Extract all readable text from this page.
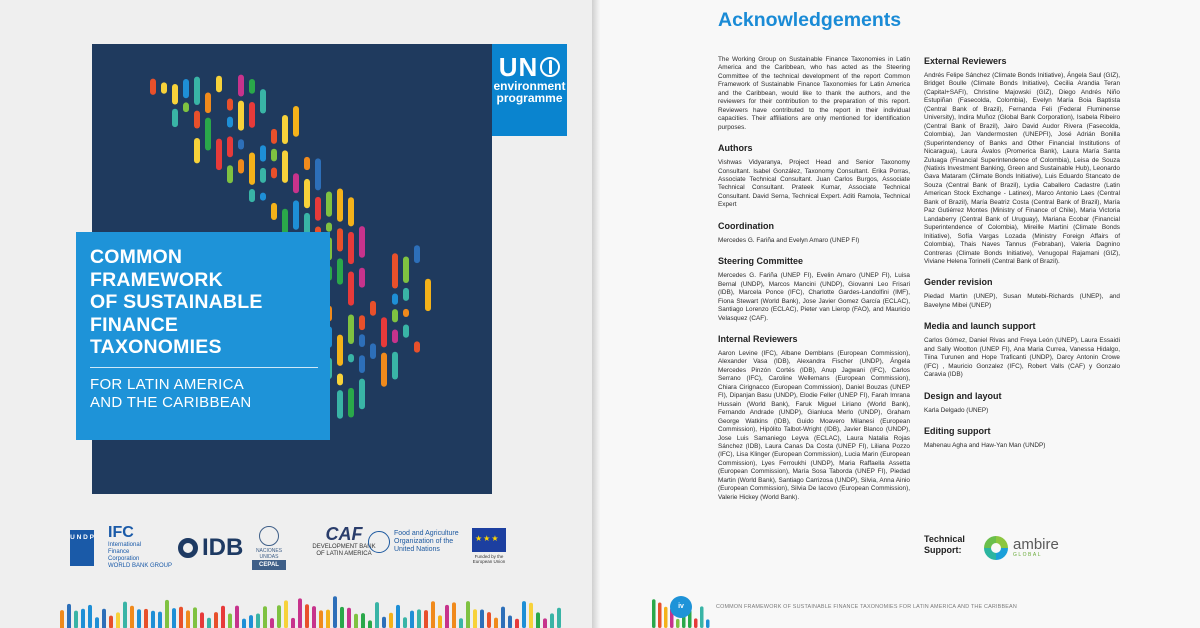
UN
environment
programme
COMMON
FRAMEWORK
OF SUSTAINABLE
FINANCE
TAXONOMIES
FOR LATIN AMERICA
AND THE CARIBBEAN
U N D P IFC
International
Finance
Corporation
WORLD BANK GROUP
IDB	NACIONES UNIDAS
CEPAL
CAF
DEVELOPMENT BANK
OF LATIN AMERICA
Food and Agriculture
Organization of the
United Nations
★★★
Funded by the European Union
Acknowledgements
The Working Group on Sustainable Finance Taxonomies in Latin America and the Caribbean, who has acted as the Steering Committee of the technical development of the report Common Framework of Sustainable Finance Taxonomies for Latin America and the Caribbean, would like to thank the authors, and the reviewers for their contribution to the preparation of this report. Reviewers have contributed to the report in their individual capacities. Their affiliations are only mentioned for identification purposes.
Authors
Vishwas Vidyaranya, Project Head and Senior Taxonomy Consultant. Isabel González, Taxonomy Consultant. Erika Porras, Associate Technical Consultant. Juan Carlos Burgos, Associate Technical Consultant. Prateek Kumar, Associate Technical Consultant. David Serna, Technical Expert. Aditi Ramola, Technical Expert
Coordination
Mercedes G. Fariña and Evelyn Amaro (UNEP FI)
Steering Committee
Mercedes G. Fariña (UNEP FI), Evelin Amaro (UNEP FI), Luisa Bernal (UNDP), Marcos Mancini (UNDP), Giovanni Leo Frisari (IDB), Marcela Ponce (IFC), Charlotte Gardes-Landolfini (IMF), Fiona Stewart (World Bank), Jose Javier Gomez García (ECLAC), Santiago Lorenzo (ECLAC), Pieter van Lierop (FAO), and Mauricio Velasquez (CAF).
Internal Reviewers
Aaron Levine (IFC), Albane Demblans (European Commission), Alexander Vasa (IDB), Alexandra Fischer (UNDP), Ángela Mercedes Pinzón Cortés (IDB), Anup Jagwani (IFC), Carlos Serrano (IFC), Caroline Wellemans (European Commission), Chiara Cirignacco (European Commission), Daniel Bouzas (UNEP FI), Dipanjan Basu (UNDP), Elodie Feller (UNEP FI), Farah Imrana Hussain (World Bank), Faruk Miguel Liriano (World Bank), Fernando Andrade (UNDP), Gianluca Merlo (UNDP), Graham George Watkins (IDB), Guido Moavero Milanesi (European Commission), Hipólito Talbot-Wright (IDB), Javier Blanco (UNDP), Jose Luis Samaniego Leyva (ECLAC), Laura Natalia Rojas Sánchez (IDB), Laura Canas Da Costa (UNEP FI), Liliana Pozzo (IFC), Lisa Klinger (European Commission), Lucia Marin (European Commission), Lyes Ferroukhi (UNDP), Maria Raffaella Assetta (European Commission), María Sosa Taborda (UNEP FI), Piedad Martin (World Bank), Santiago Carrizosa (UNDP), Silvia, Anna Ainio (European Commission), Silvia De Iacovo (European Commission), Valerie Hickey (World Bank).
External Reviewers
Andrés Felipe Sánchez (Climate Bonds Initiative), Ángela Saul (GIZ), Bridget Boulle (Climate Bonds Initiative), Cecilia Arandia Teran (Capital+SAFI), Christine Majowski (GIZ), Diego Andrés Niño Estupiñan (Fasecolda, Colombia), Evelyn María Boia Baptista (Central Bank of Brazil), Fernanda Feli (Federal Fluminense University), Indira Muñoz (Global Bank Corporation), Isabela Ribeiro (Central Bank of Brazil), Jairo David Audor Rivera (Fasecolda, Colombia), Jan Vandermosten (UNEPFI), José Adrián Bonilla (Superintendency of Banks and Other Financial Institutions of Nicaragua), Laura Ávalos (Promerica Bank), Laura María Santa Zuluaga (Financial Superintendence of Colombia), Leisa de Souza (Natixis Investment Banking, Green and Sustainable Hub), Leonardo Gava Mataram (Climate Bonds Initiative), Luis Eduardo Stancato de Souza (Central Bank of Brazil), Lydia Caballero Cadastre (Latin American Stock Exchange - Latinex), Marco Antonio Laes (Central Bank of Brazil), María Beatriz Costa (Central Bank of Brazil), María Paz Gutiérrez Montes (Ministry of Finance of Chile), Maria Victoria Landaberry (Central Bank of Uruguay), Mariana Ecobar (Financial Superintendence of Colombia), Mireille Martini (Climate Bonds Initiative), Sofía Vargas Lozada (Ministry Foreign Affairs of Colombia), Thais Naves Tannus (Febraban), Valeria Dagnino Contreras (Climate Bonds Initiative), Venugopal Rajamani (GIZ), Viviane Helena Torinelli (Central Bank of Brazil).
Gender revision
Piedad Martin (UNEP), Susan Mutebi-Richards (UNEP), and Bavelyne Mibei (UNEP)
Media and launch support
Carlos Gómez, Daniel Rivas and Freya León (UNEP), Laura Essaidi and Sally Wootton (UNEP FI), Ana Maria Currea, Vanessa Hidalgo, Tiina Turunen and Hope Traficanti (UNDP), Darcy Antonin Crowe (IFC) , Mauricio Gonzalez (IFC), Robert Valls (CAF) y Gonzalo Caravia (IDB)
Design and layout
Karla Delgado (UNEP)
Editing support
Mahenau Agha and Haw-Yan Man (UNDP)
Technical
Support:	ambire
GLOBAL
iv	COMMON FRAMEWORK OF SUSTAINABLE FINANCE TAXONOMIES FOR LATIN AMERICA AND THE CARIBBEAN
